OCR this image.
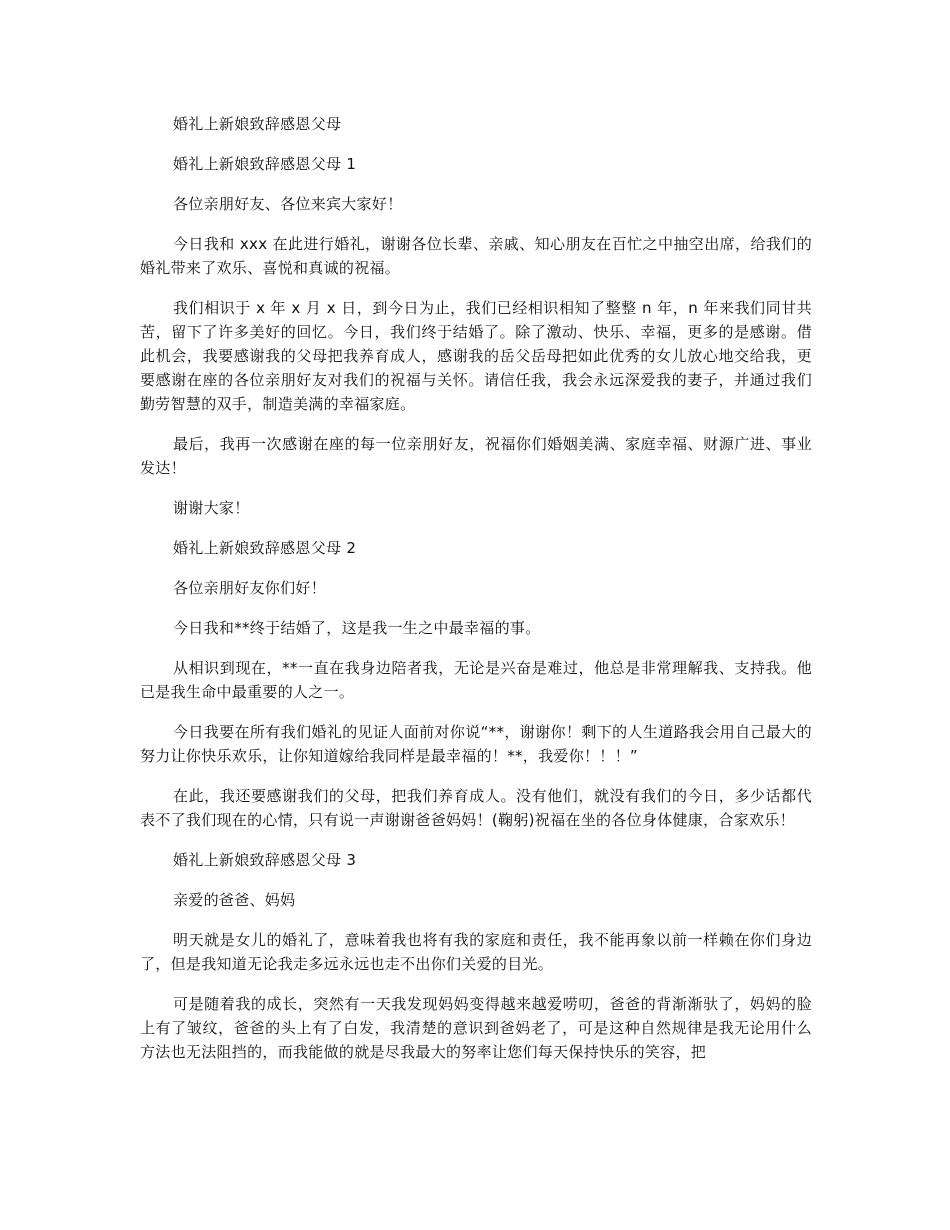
婚礼上新娘致辞感恩父母

婚礼上新娘致辞感恩父母 1

各位亲朋好友、各位来宾大家好！

今日我和 xxx 在此进行婚礼，谢谢各位长辈、亲戚、知心朋友在百忙之中抽空出席，给我们的婚礼带来了欢乐、喜悦和真诚的祝福。

我们相识于 x 年 x 月 x 日，到今日为止，我们已经相识相知了整整 n 年，n 年来我们同甘共苦，留下了许多美好的回忆。今日，我们终于结婚了。除了激动、快乐、幸福，更多的是感谢。借此机会，我要感谢我的父母把我养育成人，感谢我的岳父岳母把如此优秀的女儿放心地交给我，更要感谢在座的各位亲朋好友对我们的祝福与关怀。请信任我，我会永远深爱我的妻子，并通过我们勤劳智慧的双手，制造美满的幸福家庭。

最后，我再一次感谢在座的每一位亲朋好友，祝福你们婚姻美满、家庭幸福、财源广进、事业发达！

谢谢大家！

婚礼上新娘致辞感恩父母 2

各位亲朋好友你们好！

今日我和**终于结婚了，这是我一生之中最幸福的事。

从相识到现在，**一直在我身边陪者我，无论是兴奋是难过，他总是非常理解我、支持我。他已是我生命中最重要的人之一。

今日我要在所有我们婚礼的见证人面前对你说“**，谢谢你！剩下的人生道路我会用自己最大的努力让你快乐欢乐，让你知道嫁给我同样是最幸福的！**，我爱你！！！”

在此，我还要感谢我们的父母，把我们养育成人。没有他们，就没有我们的今日，多少话都代表不了我们现在的心情，只有说一声谢谢爸爸妈妈！(鞠躬)祝福在坐的各位身体健康，合家欢乐！

婚礼上新娘致辞感恩父母 3

亲爱的爸爸、妈妈

明天就是女儿的婚礼了，意味着我也将有我的家庭和责任，我不能再象以前一样赖在你们身边了，但是我知道无论我走多远永远也走不出你们关爱的目光。

可是随着我的成长，突然有一天我发现妈妈变得越来越爱唠叨，爸爸的背渐渐驮了，妈妈的脸上有了皱纹，爸爸的头上有了白发，我清楚的意识到爸妈老了，可是这种自然规律是我无论用什么方法也无法阻挡的，而我能做的就是尽我最大的努率让您们每天保持快乐的笑容，把
